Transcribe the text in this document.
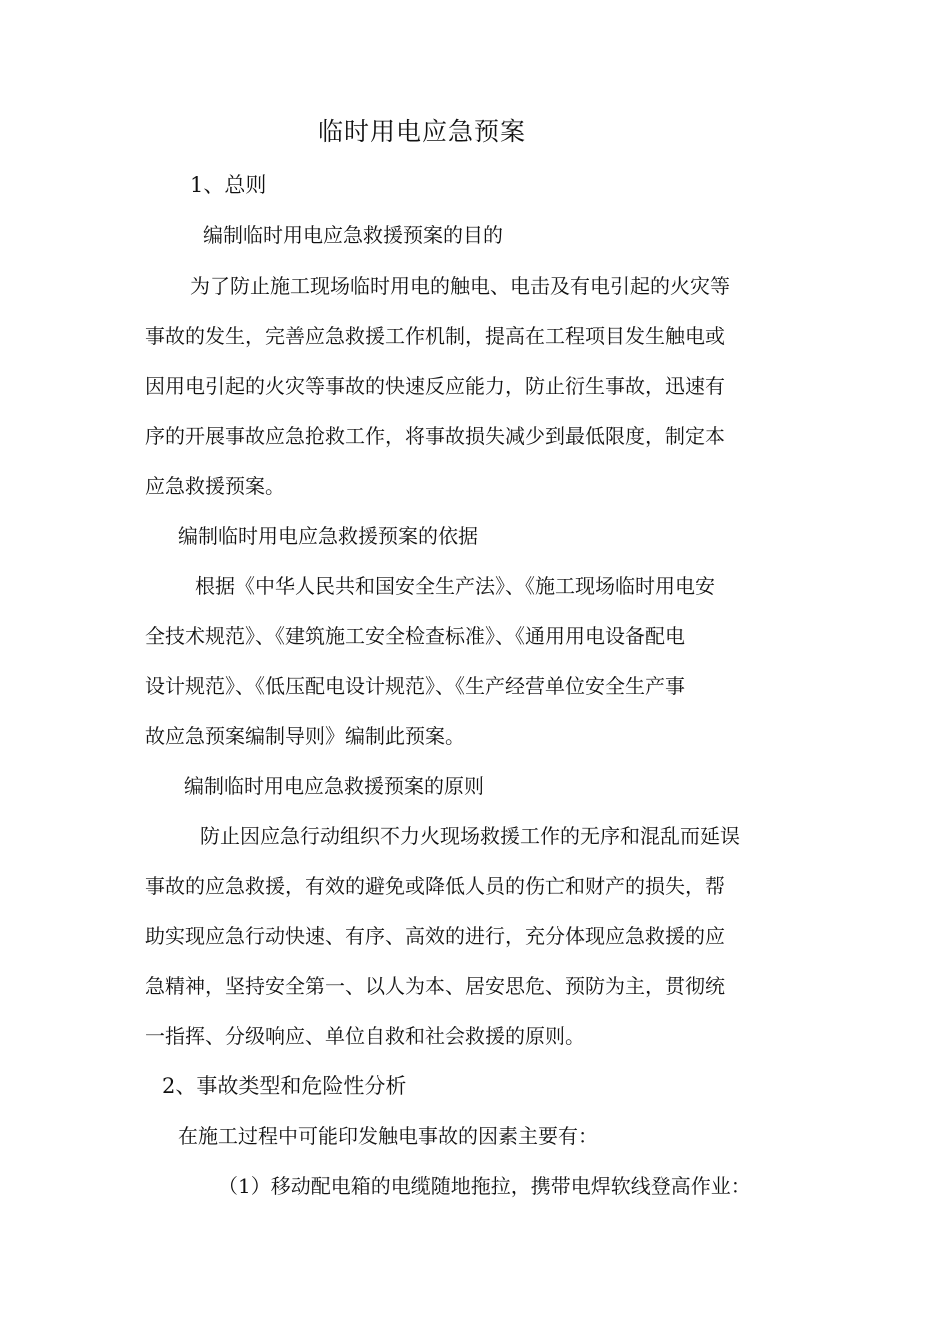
临时用电应急预案
1、总则
编制临时用电应急救援预案的目的
为了防止施工现场临时用电的触电、电击及有电引起的火灾等
事故的发生，完善应急救援工作机制，提高在工程项目发生触电或
因用电引起的火灾等事故的快速反应能力，防止衍生事故，迅速有
序的开展事故应急抢救工作，将事故损失减少到最低限度，制定本
应急救援预案。
编制临时用电应急救援预案的依据
根据《中华人民共和国安全生产法》、《施工现场临时用电安
全技术规范》、《建筑施工安全检查标准》、《通用用电设备配电
设计规范》、《低压配电设计规范》、《生产经营单位安全生产事
故应急预案编制导则》编制此预案。
编制临时用电应急救援预案的原则
防止因应急行动组织不力火现场救援工作的无序和混乱而延误
事故的应急救援，有效的避免或降低人员的伤亡和财产的损失，帮
助实现应急行动快速、有序、高效的进行，充分体现应急救援的应
急精神，坚持安全第一、以人为本、居安思危、预防为主，贯彻统
一指挥、分级响应、单位自救和社会救援的原则。
2、事故类型和危险性分析
在施工过程中可能印发触电事故的因素主要有：
（1）移动配电箱的电缆随地拖拉，携带电焊软线登高作业：
